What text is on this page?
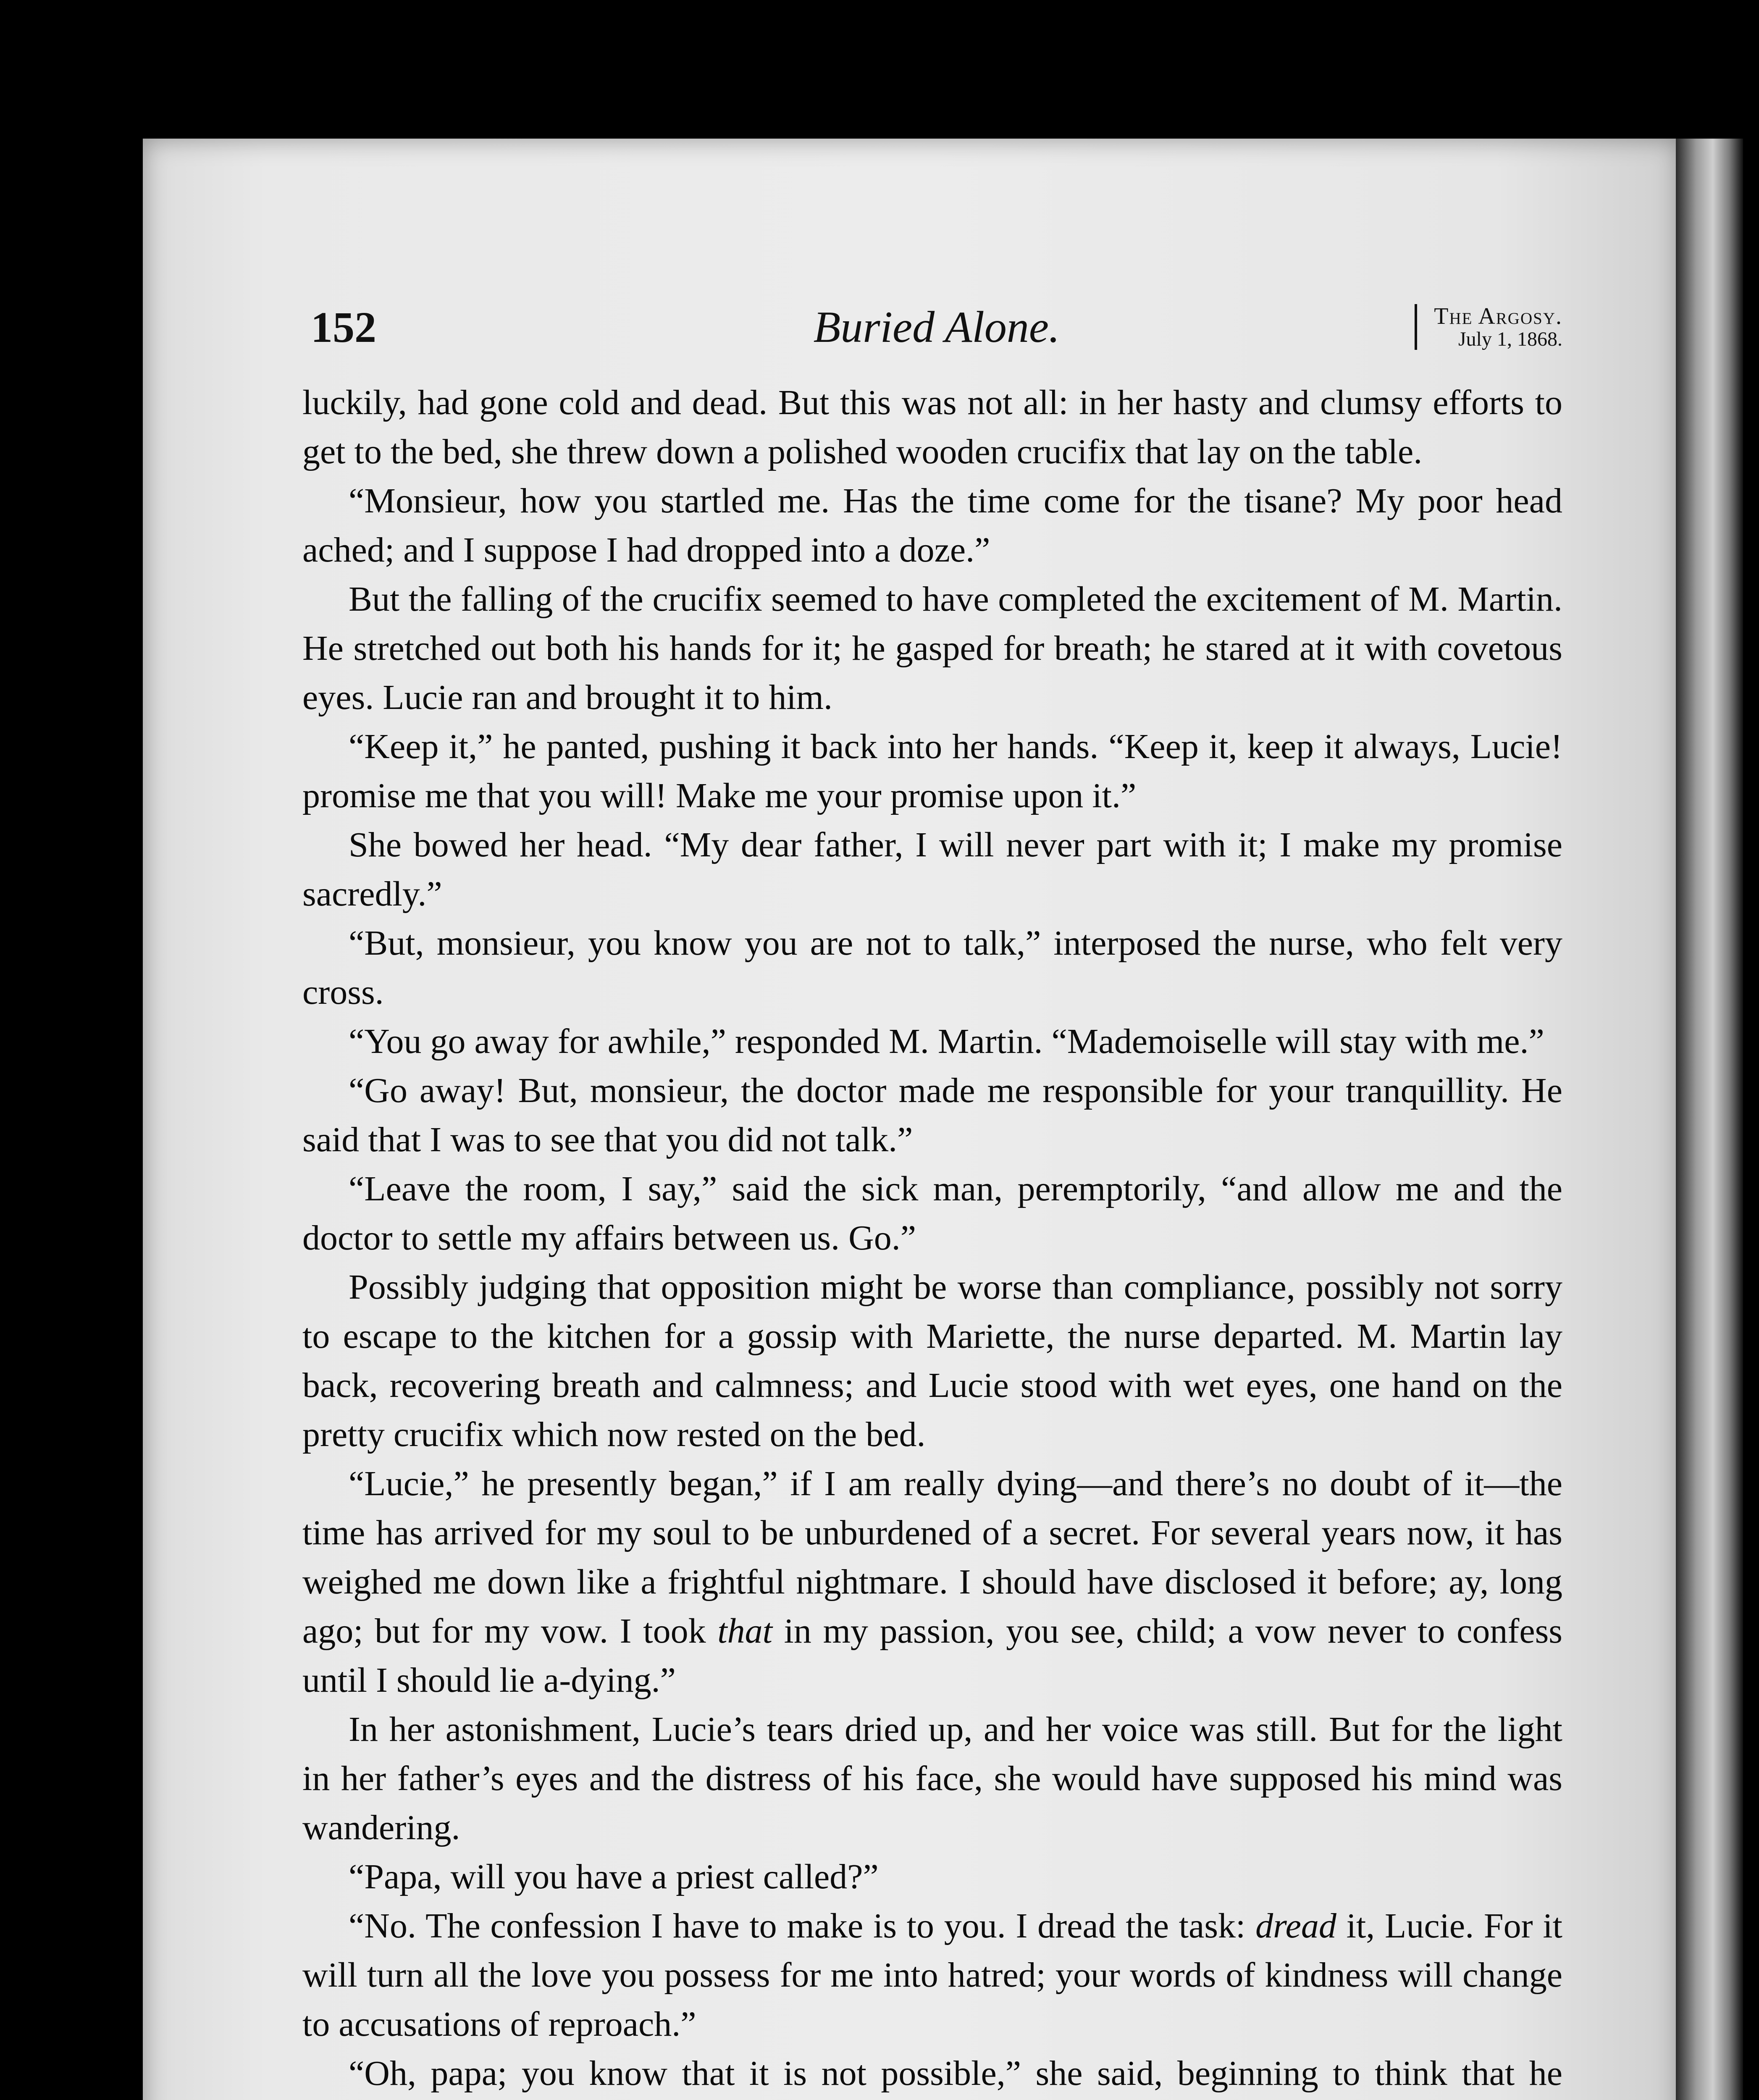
152	Buried Alone.	The Argosy.
July 1, 1868.

luckily, had gone cold and dead. But this was not all: in her hasty and clumsy efforts to get to the bed, she threw down a polished wooden crucifix that lay on the table.

“Monsieur, how you startled me. Has the time come for the tisane? My poor head ached; and I suppose I had dropped into a doze.”

But the falling of the crucifix seemed to have completed the excitement of M. Martin. He stretched out both his hands for it; he gasped for breath; he stared at it with covetous eyes. Lucie ran and brought it to him.

“Keep it,” he panted, pushing it back into her hands. “Keep it, keep it always, Lucie! promise me that you will! Make me your promise upon it.”

She bowed her head. “My dear father, I will never part with it; I make my promise sacredly.”

“But, monsieur, you know you are not to talk,” interposed the nurse, who felt very cross.

“You go away for awhile,” responded M. Martin. “Mademoiselle will stay with me.”

“Go away! But, monsieur, the doctor made me responsible for your tranquillity. He said that I was to see that you did not talk.”

“Leave the room, I say,” said the sick man, peremptorily, “and allow me and the doctor to settle my affairs between us. Go.”

Possibly judging that opposition might be worse than compliance, possibly not sorry to escape to the kitchen for a gossip with Mariette, the nurse departed. M. Martin lay back, recovering breath and calmness; and Lucie stood with wet eyes, one hand on the pretty crucifix which now rested on the bed.

“Lucie,” he presently began,” if I am really dying—and there’s no doubt of it—the time has arrived for my soul to be unburdened of a secret. For several years now, it has weighed me down like a frightful nightmare. I should have disclosed it before; ay, long ago; but for my vow. I took that in my passion, you see, child; a vow never to confess until I should lie a-dying.”

In her astonishment, Lucie’s tears dried up, and her voice was still. But for the light in her father’s eyes and the distress of his face, she would have supposed his mind was wandering.

“Papa, will you have a priest called?”

“No. The confession I have to make is to you. I dread the task: dread it, Lucie. For it will turn all the love you possess for me into hatred; your words of kindness will change to accusations of reproach.”

“Oh, papa; you know that it is not possible,” she said, beginning to think that he
